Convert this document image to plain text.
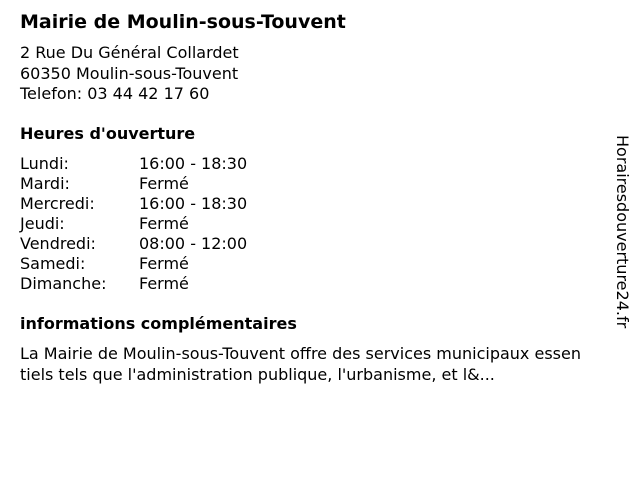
Mairie de Moulin-sous-Touvent
2 Rue Du Général Collardet
60350 Moulin-sous-Touvent
Telefon: 03 44 42 17 60
Heures d'ouverture
Lundi:	16:00 - 18:30
Mardi:	Fermé
Mercredi:	16:00 - 18:30
Jeudi:	Fermé
Vendredi:	08:00 - 12:00
Samedi:	Fermé
Dimanche:	Fermé
informations complémentaires
La Mairie de Moulin-sous-Touvent offre des services municipaux essen
tiels tels que l'administration publique, l'urbanisme, et l&...
Horairesdouverture24.fr
